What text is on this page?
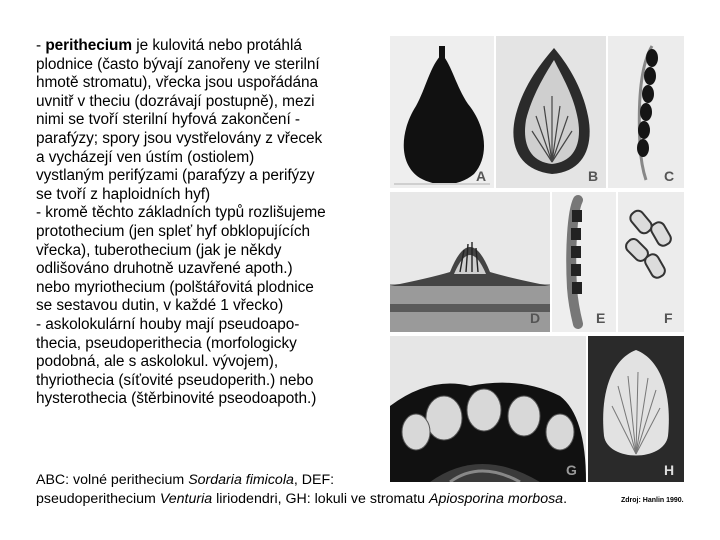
- perithecium je kulovitá nebo protáhlá
plodnice (často bývají zanořeny ve sterilní
hmotě stromatu), vřecka jsou uspořádána
uvnitř v theciu (dozrávají postupně), mezi
nimi se tvoří sterilní hyfová zakončení -
parafýzy; spory jsou vystřelovány z vřecek
a vycházejí ven ústím (ostiolem)
vystlaným perifýzami (parafýzy a perifýzy
se tvoří z haploidních hyf)
- kromě těchto základních typů rozlišujeme
protothecium (jen spleť hyf obklopujících
vřecka), tuberothecium (jak je někdy
odlišováno druhotně uzavřené apoth.)
nebo myriothecium (polštářovitá plodnice
se sestavou dutin, v každé 1 vřecko)
- askolokulární houby mají pseudoapo-
thecia, pseudoperithecia (morfologicky
podobná, ale s askolokul. vývojem),
thyriothecia (síťovité pseudoperith.) nebo
hysterothecia (štěrbinovité pseodoapoth.)
A	B	C
D	E	F
G	H
ABC: volné perithecium Sordaria fimicola, DEF:
pseudoperithecium Venturia liriodendri, GH: lokuli ve stromatu Apiosporina morbosa.	Zdroj: Hanlin 1990.
